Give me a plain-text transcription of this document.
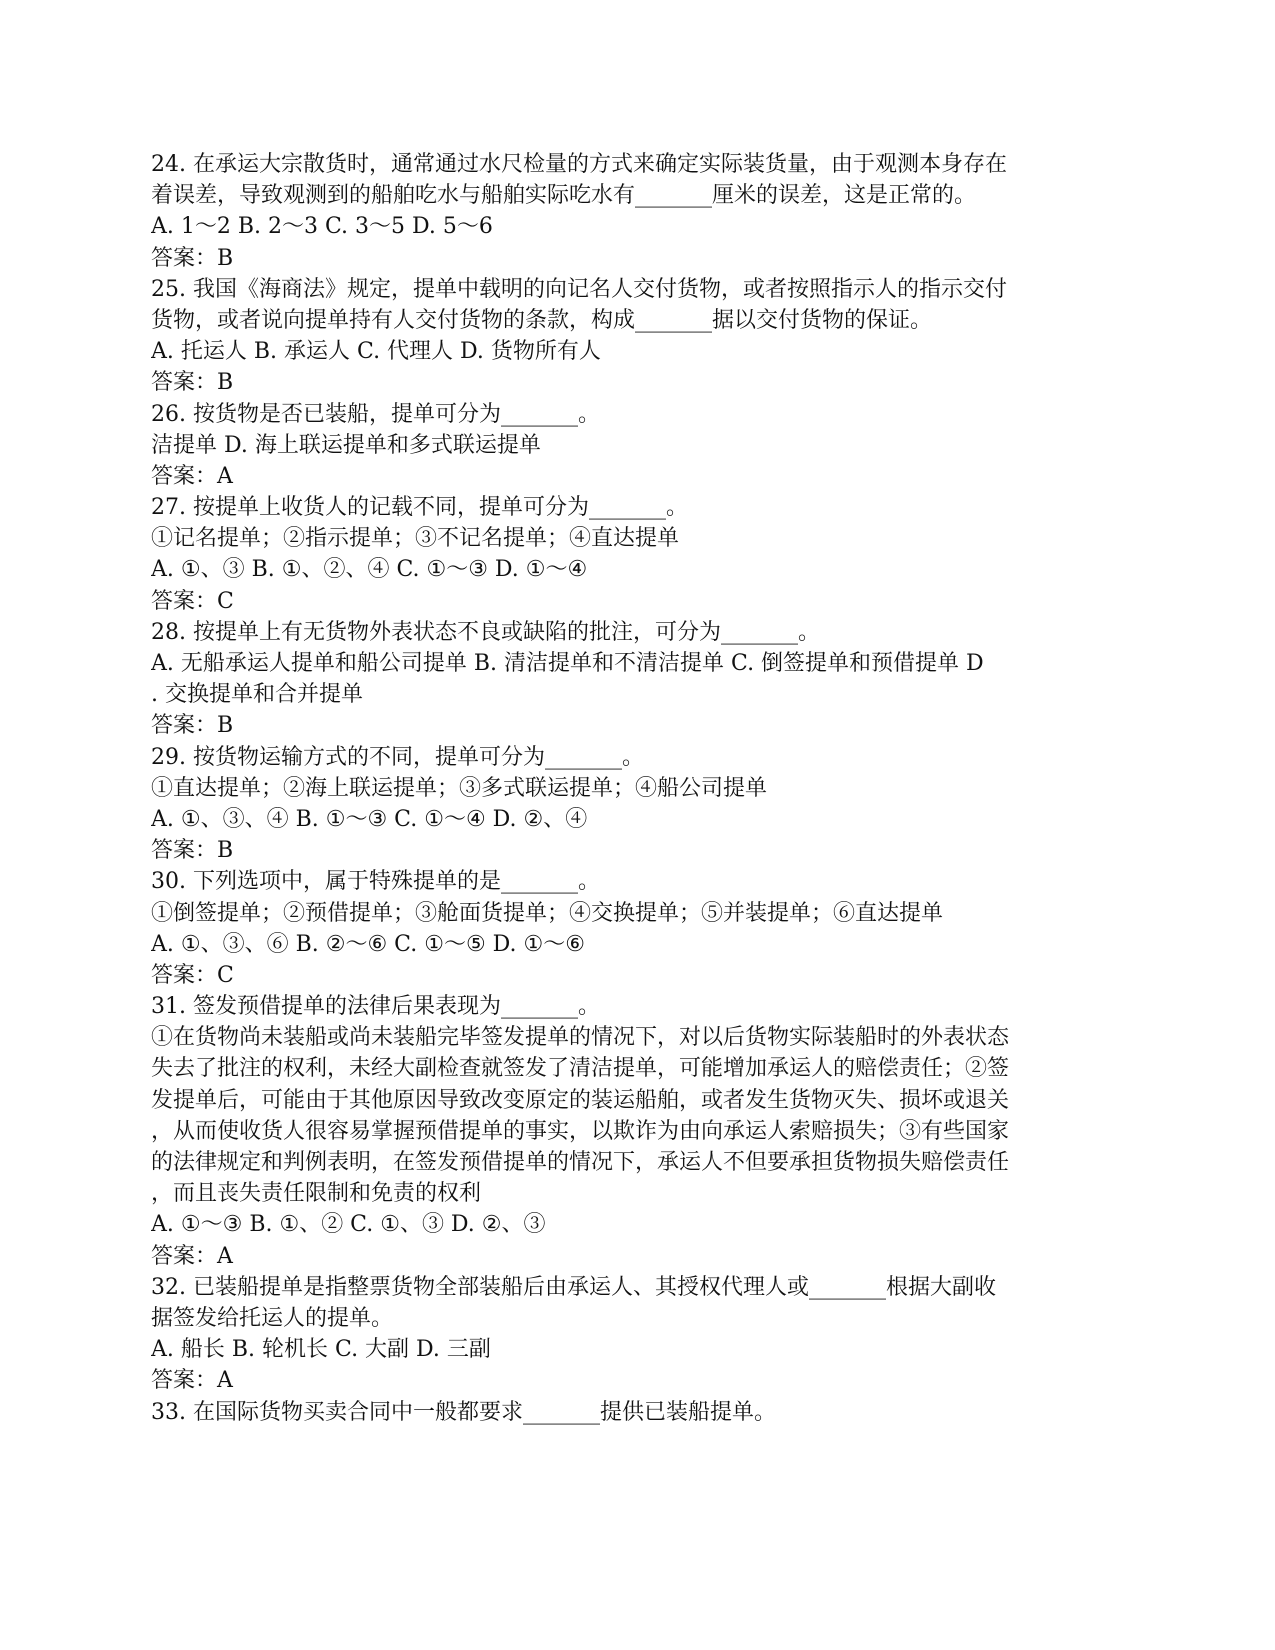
24. 在承运大宗散货时，通常通过水尺检量的方式来确定实际装货量，由于观测本身存在
着误差，导致观测到的船舶吃水与船舶实际吃水有_______厘米的误差，这是正常的。
A. 1～2 B. 2～3 C. 3～5 D. 5～6
答案：B
25. 我国《海商法》规定，提单中载明的向记名人交付货物，或者按照指示人的指示交付
货物，或者说向提单持有人交付货物的条款，构成_______据以交付货物的保证。
A. 托运人 B. 承运人 C. 代理人 D. 货物所有人
答案：B
26. 按货物是否已装船，提单可分为_______。
洁提单 D. 海上联运提单和多式联运提单
答案：A
27. 按提单上收货人的记载不同，提单可分为_______。
①记名提单；②指示提单；③不记名提单；④直达提单
A. ①、③ B. ①、②、④ C. ①～③ D. ①～④
答案：C
28. 按提单上有无货物外表状态不良或缺陷的批注，可分为_______。
A. 无船承运人提单和船公司提单 B. 清洁提单和不清洁提单 C. 倒签提单和预借提单 D
. 交换提单和合并提单
答案：B
29. 按货物运输方式的不同，提单可分为_______。
①直达提单；②海上联运提单；③多式联运提单；④船公司提单
A. ①、③、④ B. ①～③ C. ①～④ D. ②、④
答案：B
30. 下列选项中，属于特殊提单的是_______。
①倒签提单；②预借提单；③舱面货提单；④交换提单；⑤并装提单；⑥直达提单
A. ①、③、⑥ B. ②～⑥ C. ①～⑤ D. ①～⑥
答案：C
31. 签发预借提单的法律后果表现为_______。
①在货物尚未装船或尚未装船完毕签发提单的情况下，对以后货物实际装船时的外表状态
失去了批注的权利，未经大副检查就签发了清洁提单，可能增加承运人的赔偿责任；②签
发提单后，可能由于其他原因导致改变原定的装运船舶，或者发生货物灭失、损坏或退关
，从而使收货人很容易掌握预借提单的事实，以欺诈为由向承运人索赔损失；③有些国家
的法律规定和判例表明，在签发预借提单的情况下，承运人不但要承担货物损失赔偿责任
，而且丧失责任限制和免责的权利
A. ①～③ B. ①、② C. ①、③ D. ②、③
答案：A
32. 已装船提单是指整票货物全部装船后由承运人、其授权代理人或_______根据大副收
据签发给托运人的提单。
A. 船长 B. 轮机长 C. 大副 D. 三副
答案：A
33. 在国际货物买卖合同中一般都要求_______提供已装船提单。
